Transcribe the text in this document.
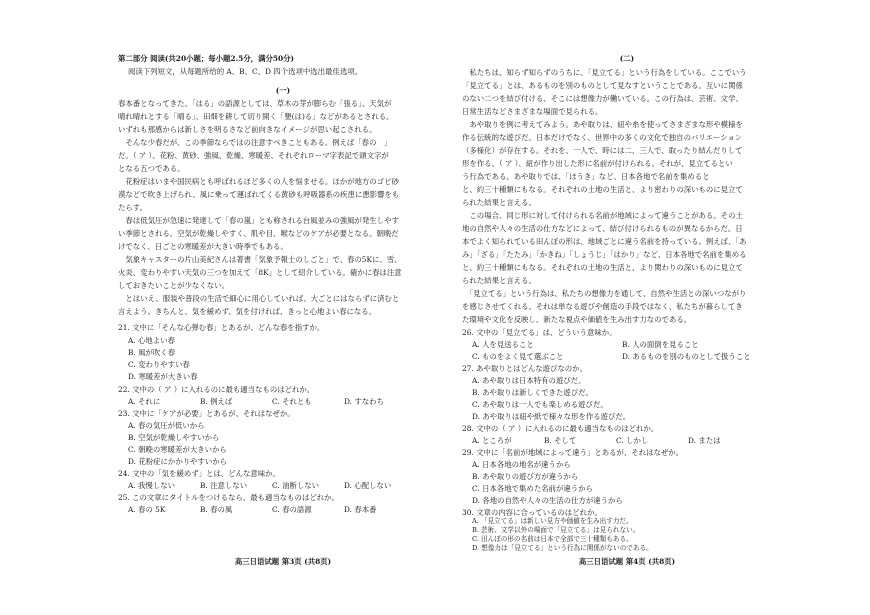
第二部分 阅读(共20小题；每小题2.5分，满分50分)
阅读下列短文，从每题所给的 A、B、C、D 四个选项中选出最佳选项。
(一)
春本番となってきた。「はる」の語源としては、草木の芽が膨らむ「張る」、天気が
晴れ晴れとする「晴る」、田畑を耕して切り開く「墾(は)る」などがあるとされる。
いずれも那感からは新しさを明るさなど前向きなイメージが思い起こされる。
　そんな少春だが、この季節ならではの注意すべきこともある。例えば「春の　」
だ。（ ア ）、花粉、黄砂、強風、乾燥、寒暖差、それぞれローマ字表記で頭文字が
となる五つである。
　花粉症はいまや国民病とも呼ばれるほど多くの人を悩ませる。ほかが地方のゴビ砂
漠などで吹き上げられ、風に乗って運ばれてくる黄砂も呼吸器系の疾患に悪影響をも
たらす。
　春は低気圧が急速に発達して「春の嵐」とも称される台風並みの強風が発生しやす
い季節とされる。空気が乾燥しやすく、肌や目、喉などのケアが必要となる。朝晩だ
けでなく、日ごとの寒暖差が大きい時季でもある。
　気象キャスターの片山美紀さんは著書「気象予報士のしごと」で、春の5Kに、雪、
火炎、変わりやすい天気の三つを加えて「8K」として紹介している。確かに春は注意
しておきたいことが少なくない。
　とはいえ、服装や普段の生活で細心に用心していれば、大ごとにはならずに済むと
言えよう。きちんと、気を緩めず、気を付ければ、きっと心地よい春になる。
21. 文中に「そんな心弾む春」とあるが、どんな春を指すか。
A. 心地よい春
B. 風が吹く春
C. 変わりやすい春
D. 寒暖差が大きい春
22. 文中の（ ア ）に入れるのに最も適当なものはどれか。
A. それに	B. 例えば	C. それとも	D. すなわち
23. 文中に「ケアが必要」とあるが、それはなぜか。
A. 春の気圧が低いから
B. 空気が乾燥しやすいから
C. 朝晩の寒暖差が大きいから
D. 花粉症にかかりやすいから
24. 文中の「気を緩めず」とは、どんな意味か。
A. 我慢しない	B. 注意しない	C. 油断しない	D. 心配しない
25. この文章にタイトルをつけるなら、最も適当なものはどれか。
A. 春の 5K	B. 春の風	C. 春の語源	D. 春本番
高三日语试题 第3页 (共8页)
(二)
　私たちは、知らず知らずのうちに、「見立てる」という行為をしている。ここでいう
「見立てる」とは、あるものを別のものとして見なすということである。互いに関係
のない二つを結び付ける、そこには想像力が働いている。この行為は、芸術、文学、
日常生活などさまざまな場面で見られる。
　あや取りを例に考えてみよう。あや取りは、紐や糸を使ってさまざまな形や模様を
作る伝統的な遊びだ。日本だけでなく、世界中の多くの文化で独自のバリエーション
（多様化）が存在する。それを、一人で、時には二、三人で、取ったり結んだりして
形を作る。（ ア ）、紐が作り出した形に名前が付けられる。それが、見立てるとい
う行為である。あや取りでは、「ほうき」など、日本各地で名前を集めると
と、約三十種類にもなる。それぞれの土地の生活と、より密わりの深いものに見立て
られた結果と言える。
　この場合、同じ形に対して付けられる名前が地域によって違うことがある。その土
地の自然や人々の生活の仕方などによって、結び付けられるものが異なるからだ。日
本でよく知られている田んぼの形は、地域ごとに違う名前を持っている。例えば、「あ
み」「ざる」「たたみ」「かきね」「しょうじ」「はかり」など、日本各地で名前を集める
と、約三十種類にもなる。それぞれの土地の生活と、より関わりの深いものに見立て
られた結果と言える。
　「見立てる」という行為は、私たちの想像力を通して、自然や生活との深いつながり
を感じさせてくれる。それは単なる遊びや創造の手段ではなく、私たちが暮らしてき
た環境や文化を反映し、新たな視点や価値を生み出す力なのである。
26. 文中の「見立てる」は、どういう意味か。
A. 人を見送ること	B. 人の面倒を見ること
C. ものをよく見て選ぶこと	D. あるものを別のものとして扱うこと
27. あや取りとはどんな遊びなのか。
A. あや取りは日本特有の遊びだ。
B. あや取りは新しくできた遊びだ。
C. あや取りは一人でも楽しめる遊びだ。
D. あや取りは紐や紙で様々な形を作る遊びだ。
28. 文中の（ ア ）に入れるのに最も適当なものはどれか。
A. ところが	B. そして	C. しかし	D. または
29. 文中に「名前が地域によって違う」とあるが、それはなぜか。
A. 日本各地の地名が違うから
B. あや取りの遊び方が違うから
C. 日本各地で集めた名前が違うから
D. 各地の自然や人々の生活の仕方が違うから
30. 文章の内容に合っているのはどれか。
A. 「見立てる」は新しい見方や価値を生み出す力だ。
B. 芸術、文学以外の場面で「見立てる」は見られない。
C. 田んぼの形の名前は日本で全部で三十種類もある。
D. 想像力は「見立てる」という行為に関係がないのである。
高三日语试题 第4页 (共8页)
